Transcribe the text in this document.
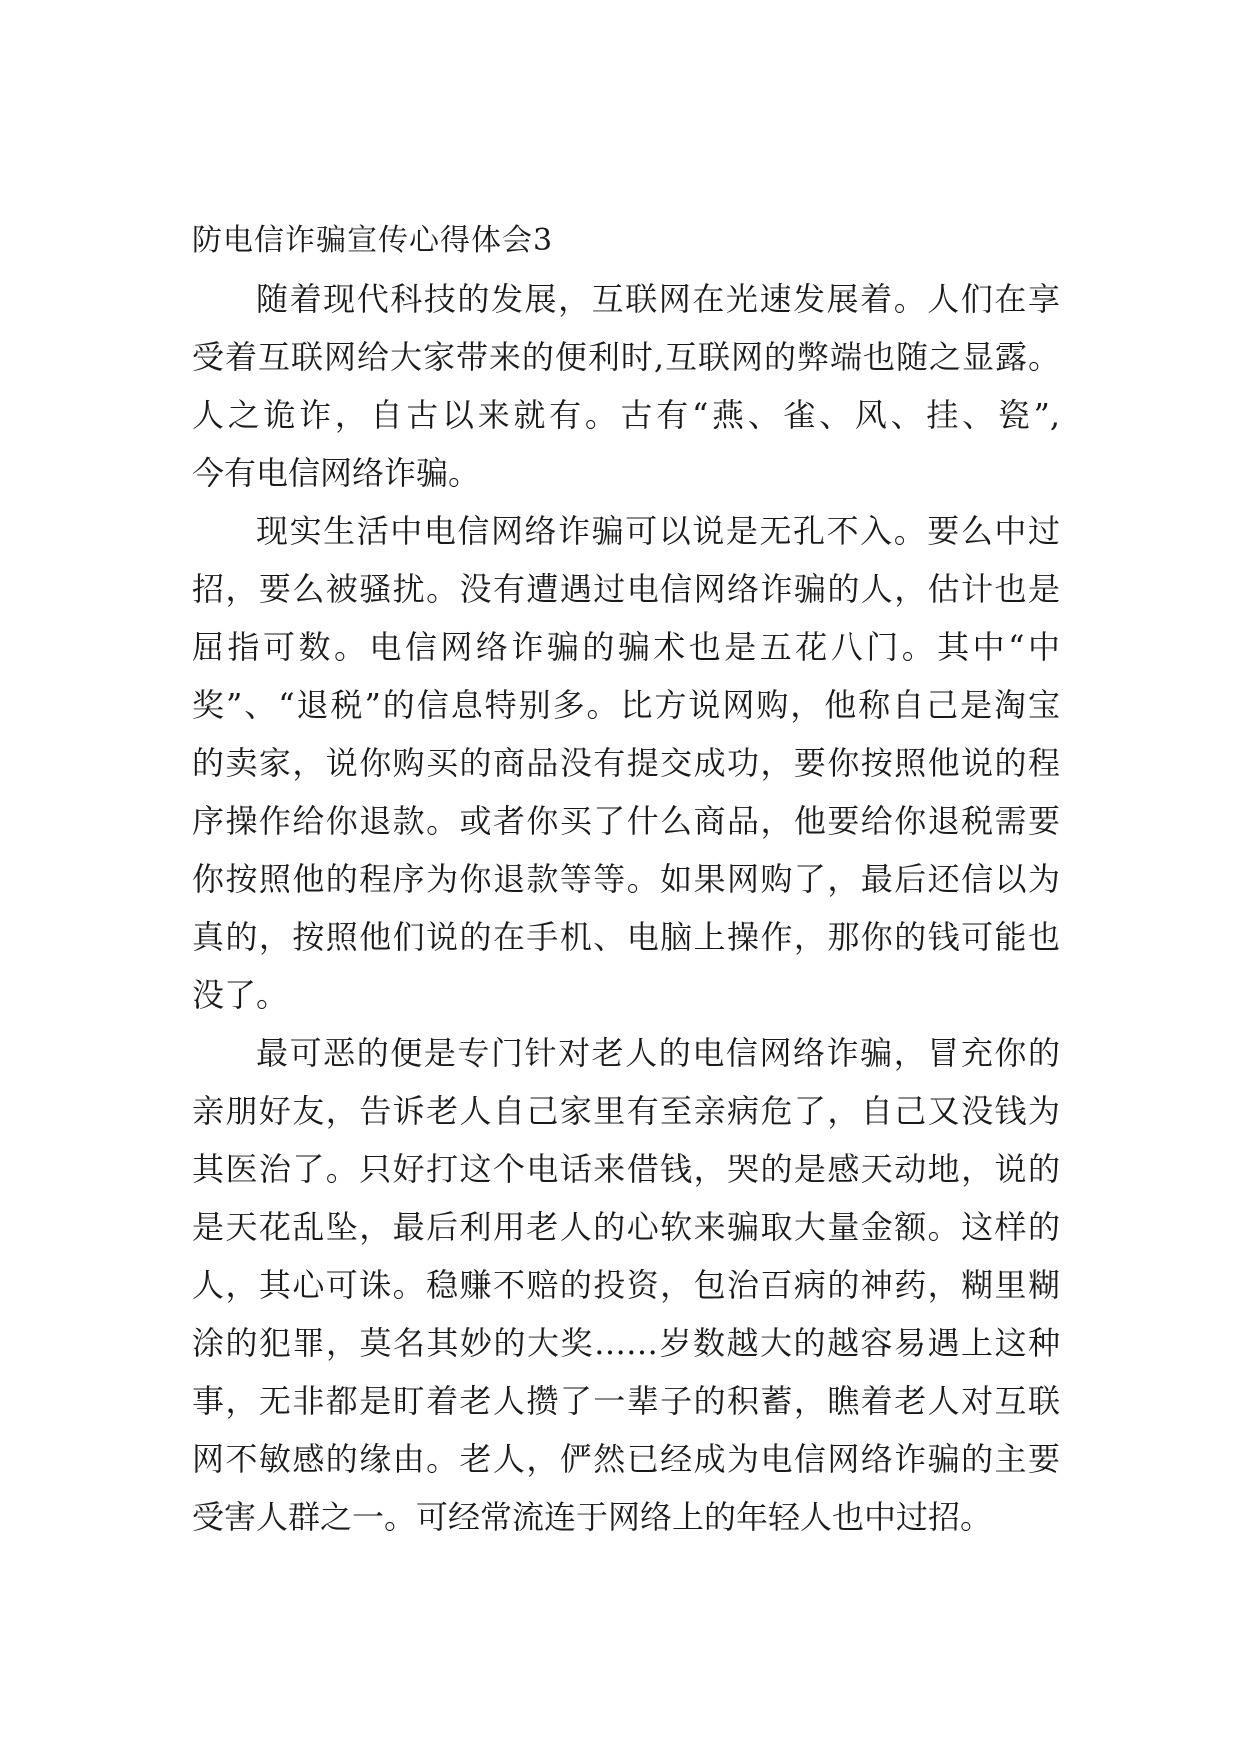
防电信诈骗宣传心得体会3
随着现代科技的发展，互联网在光速发展着。人们在享
受着互联网给大家带来的便利时,互联网的弊端也随之显露。
人之诡诈，自古以来就有。古有“燕、雀、风、挂、瓷”,
今有电信网络诈骗。
现实生活中电信网络诈骗可以说是无孔不入。要么中过
招，要么被骚扰。没有遭遇过电信网络诈骗的人，估计也是
屈指可数。电信网络诈骗的骗术也是五花八门。其中“中
奖”、“退税”的信息特别多。比方说网购，他称自己是淘宝
的卖家，说你购买的商品没有提交成功，要你按照他说的程
序操作给你退款。或者你买了什么商品，他要给你退税需要
你按照他的程序为你退款等等。如果网购了，最后还信以为
真的，按照他们说的在手机、电脑上操作，那你的钱可能也
没了。
最可恶的便是专门针对老人的电信网络诈骗，冒充你的
亲朋好友，告诉老人自己家里有至亲病危了，自己又没钱为
其医治了。只好打这个电话来借钱，哭的是感天动地，说的
是天花乱坠，最后利用老人的心软来骗取大量金额。这样的
人，其心可诛。稳赚不赔的投资，包治百病的神药，糊里糊
涂的犯罪，莫名其妙的大奖……岁数越大的越容易遇上这种
事，无非都是盯着老人攒了一辈子的积蓄，瞧着老人对互联
网不敏感的缘由。老人，俨然已经成为电信网络诈骗的主要
受害人群之一。可经常流连于网络上的年轻人也中过招。
